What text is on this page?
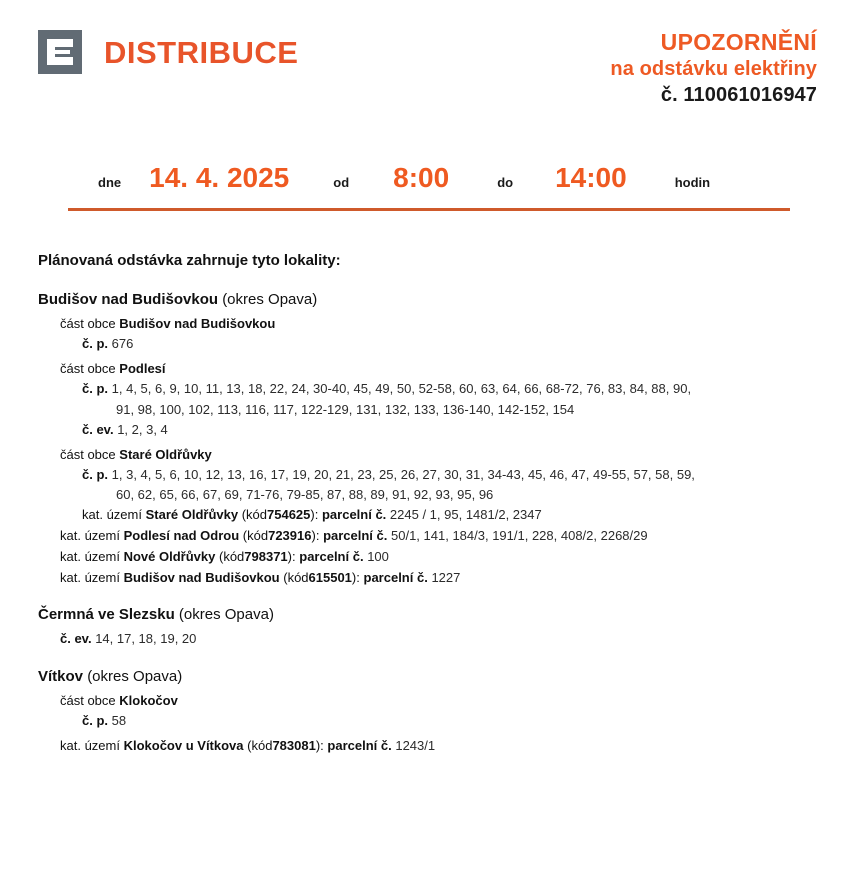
DISTRIBUCE	UPOZORNĚNÍ
na odstávku elektřiny
č. 110061016947
dne 14. 4. 2025	od 8:00	do 14:00	hodin

Plánovaná odstávka zahrnuje tyto lokality:

Budišov nad Budišovkou (okres Opava)

část obce Budišov nad Budišovkou
č. p. 676
část obce Podlesí
č. p. 1, 4, 5, 6, 9, 10, 11, 13, 18, 22, 24, 30-40, 45, 49, 50, 52-58, 60, 63, 64, 66, 68-72, 76, 83, 84, 88, 90,
91, 98, 100, 102, 113, 116, 117, 122-129, 131, 132, 133, 136-140, 142-152, 154
č. ev. 1, 2, 3, 4
část obce Staré Oldřůvky
č. p. 1, 3, 4, 5, 6, 10, 12, 13, 16, 17, 19, 20, 21, 23, 25, 26, 27, 30, 31, 34-43, 45, 46, 47, 49-55, 57, 58, 59,
60, 62, 65, 66, 67, 69, 71-76, 79-85, 87, 88, 89, 91, 92, 93, 95, 96
kat. území Staré Oldřůvky (kód754625): parcelní č. 2245 / 1, 95, 1481/2, 2347
kat. území Podlesí nad Odrou (kód723916): parcelní č. 50/1, 141, 184/3, 191/1, 228, 408/2, 2268/29
kat. území Nové Oldřůvky (kód798371): parcelní č. 100
kat. území Budišov nad Budišovkou (kód615501): parcelní č. 1227

Čermná ve Slezsku (okres Opava)

č. ev. 14, 17, 18, 19, 20

Vítkov (okres Opava)

část obce Klokočov
č. p. 58
kat. území Klokočov u Vítkova (kód783081): parcelní č. 1243/1
